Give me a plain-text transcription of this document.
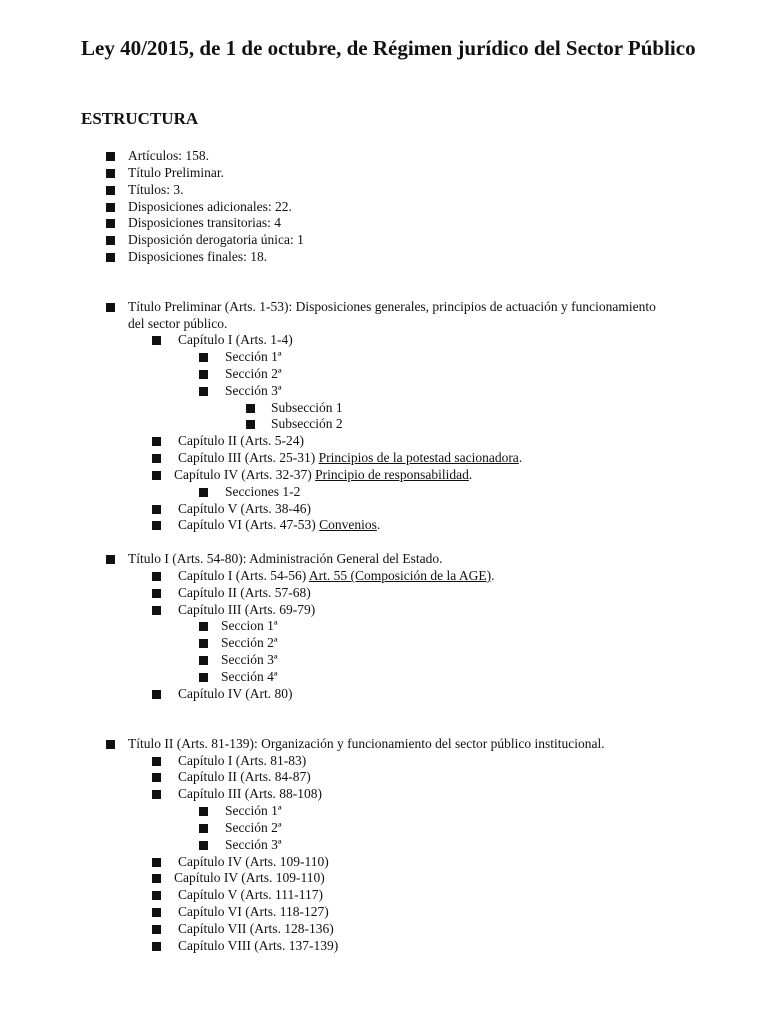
Ley 40/2015, de 1 de octubre, de Régimen jurídico del Sector Público
ESTRUCTURA
Artículos: 158.
Título Preliminar.
Títulos: 3.
Disposiciones adicionales: 22.
Disposiciones transitorias: 4
Disposición derogatoria única: 1
Disposiciones finales: 18.
Título Preliminar (Arts. 1-53): Disposiciones generales, principios de actuación y funcionamiento del sector público.
Capítulo I (Arts. 1-4)
Sección 1ª
Sección 2ª
Sección 3ª
Subsección 1
Subsección 2
Capítulo II (Arts. 5-24)
Capítulo III (Arts. 25-31) Principios de la potestad sacionadora.
Capítulo IV (Arts. 32-37) Principio de responsabilidad.
Secciones 1-2
Capítulo V (Arts. 38-46)
Capítulo VI (Arts. 47-53) Convenios.
Título I (Arts. 54-80): Administración General del Estado.
Capítulo I (Arts. 54-56) Art. 55 (Composición de la AGE).
Capítulo II (Arts. 57-68)
Capítulo III (Arts. 69-79)
Seccion 1ª
Sección 2ª
Sección 3ª
Sección 4ª
Capítulo IV (Art. 80)
Título II (Arts. 81-139): Organización y funcionamiento del sector público institucional.
Capítulo I (Arts. 81-83)
Capítulo II (Arts. 84-87)
Capítulo III (Arts. 88-108)
Sección 1ª
Sección 2ª
Sección 3ª
Capítulo IV (Arts. 109-110)
Capítulo IV (Arts. 109-110)
Capítulo V (Arts. 111-117)
Capítulo VI (Arts. 118-127)
Capítulo VII (Arts. 128-136)
Capítulo VIII (Arts. 137-139)
